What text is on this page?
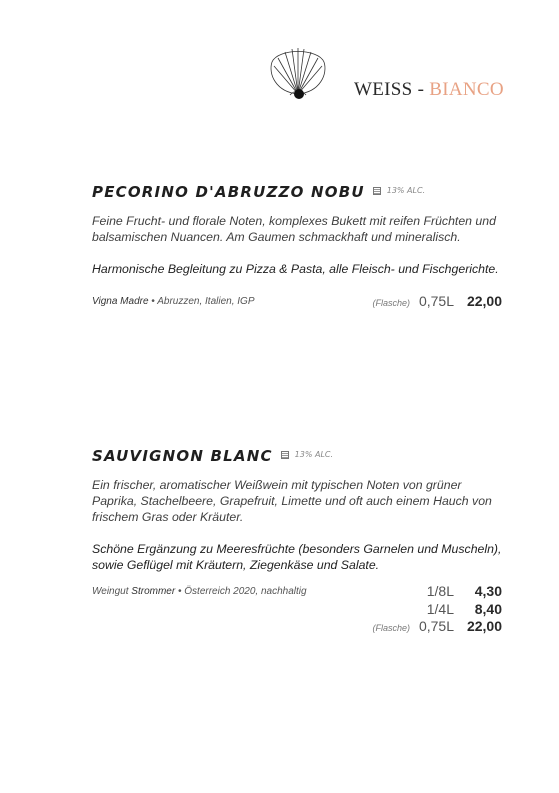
WEISS - BIANCO
PECORINO D'ABRUZZO NOBU	13% ALC.
Feine Frucht- und florale Noten, komplexes Bukett mit reifen Früchten und balsamischen Nuancen. Am Gaumen schmackhaft und mineralisch.
Harmonische Begleitung zu Pizza & Pasta, alle Fleisch- und Fischgerichte.
Vigna Madre • Abruzzen, Italien, IGP	(Flasche) 0,75L 22,00
SAUVIGNON BLANC	13% ALC.
Ein frischer, aromatischer Weißwein mit typischen Noten von grüner Paprika, Stachelbeere, Grapefruit, Limette und oft auch einem Hauch von frischem Gras oder Kräuter.
Schöne Ergänzung zu Meeresfrüchte (besonders Garnelen und Muscheln), sowie Geflügel mit Kräutern, Ziegenkäse und Salate.
Weingut Strommer • Österreich 2020, nachhaltig	1/8L	4,30
1/4L	8,40
(Flasche) 0,75L 22,00
